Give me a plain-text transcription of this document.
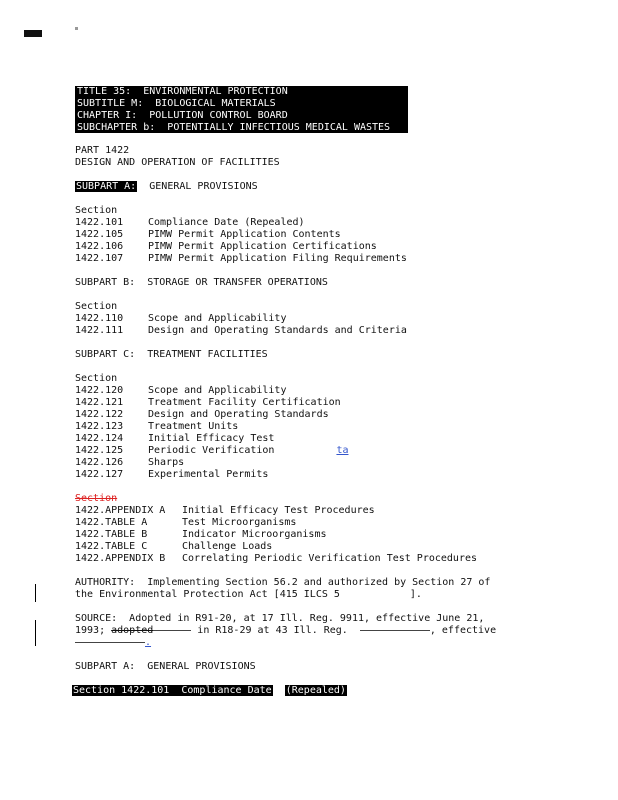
TITLE 35:  ENVIRONMENTAL PROTECTION
SUBTITLE M:  BIOLOGICAL MATERIALS
CHAPTER I:  POLLUTION CONTROL BOARD
SUBCHAPTER b:  POTENTIALLY INFECTIOUS MEDICAL WASTES
PART 1422
DESIGN AND OPERATION OF FACILITIES
SUBPART A: GENERAL PROVISIONS
Section
1422.101 Compliance Date (Repealed)
1422.105 PIMW Permit Application Contents
1422.106 PIMW Permit Application Certifications
1422.107 PIMW Permit Application Filing Requirements
SUBPART B: STORAGE OR TRANSFER OPERATIONS
Section
1422.110 Scope and Applicability
1422.111 Design and Operating Standards and Criteria
SUBPART C: TREATMENT FACILITIES
Section
1422.120 Scope and Applicability
1422.121 Treatment Facility Certification
1422.122 Design and Operating Standards
1422.123 Treatment Units
1422.124 Initial Efficacy Test
1422.125 Periodic Verification	ta
1422.126 Sharps
1422.127 Experimental Permits
Section
1422.APPENDIX A Initial Efficacy Test Procedures
1422.TABLE A	Test Microorganisms
1422.TABLE B	Indicator Microorganisms
1422.TABLE C	Challenge Loads
1422.APPENDIX B Correlating Periodic Verification Test Procedures
AUTHORITY:  Implementing Section 56.2 and authorized by Section 27 of
the Environmental Protection Act [415 ILCS 5	].
SOURCE:  Adopted in R91-20, at 17 Ill. Reg. 9911, effective June 21,
1993; adopted	in R18-29 at 43 Ill. Reg.	, effective
.
SUBPART A: GENERAL PROVISIONS
Section 1422.101  Compliance Date (Repealed)
